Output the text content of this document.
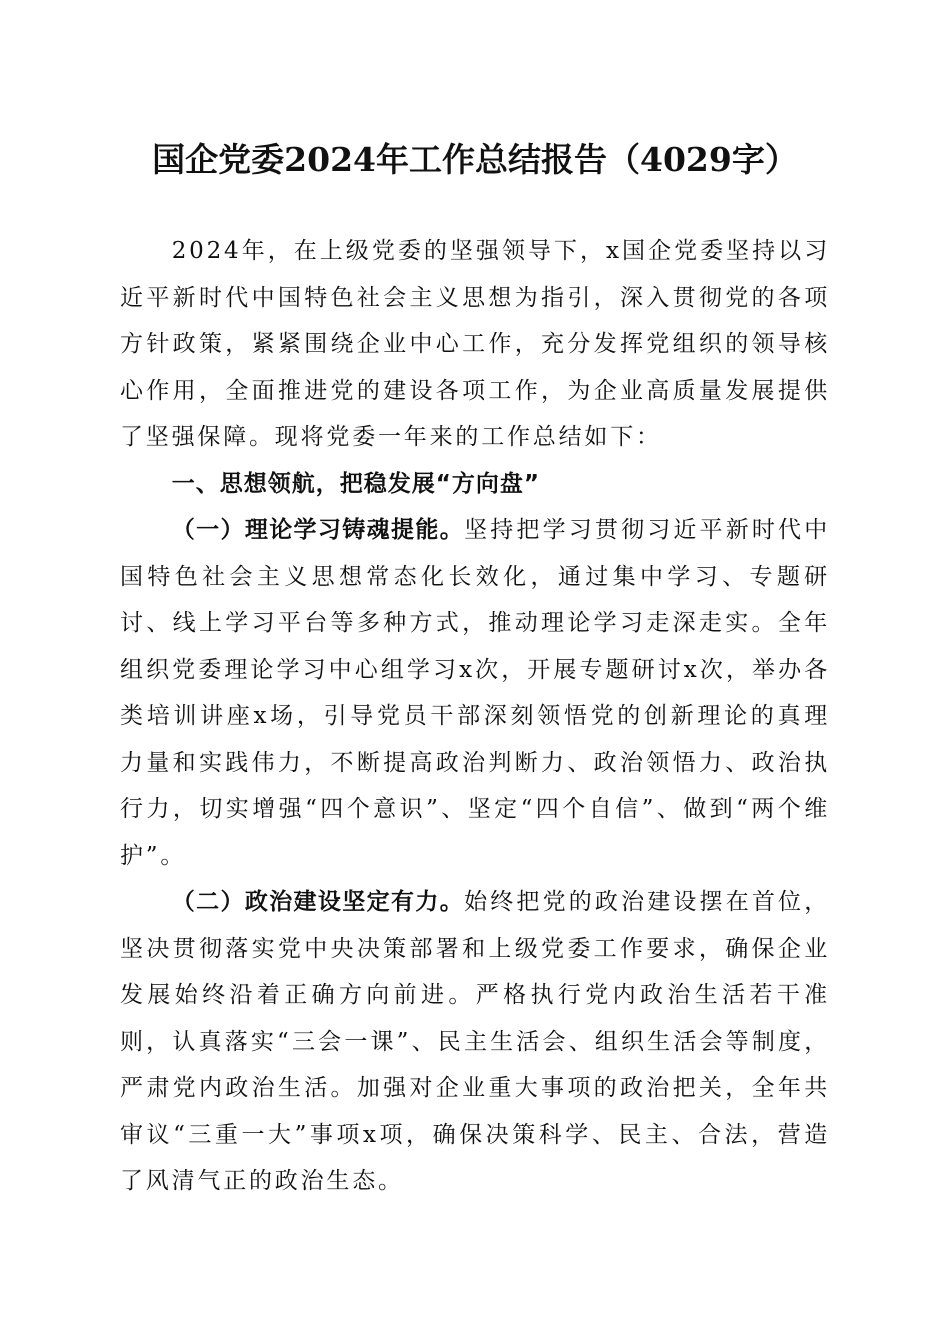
国企党委2024年工作总结报告（4029字）

2024年，在上级党委的坚强领导下，x国企党委坚持以习近平新时代中国特色社会主义思想为指引，深入贯彻党的各项方针政策，紧紧围绕企业中心工作，充分发挥党组织的领导核心作用，全面推进党的建设各项工作，为企业高质量发展提供了坚强保障。现将党委一年来的工作总结如下：

一、思想领航，把稳发展“方向盘”

（一）理论学习铸魂提能。坚持把学习贯彻习近平新时代中国特色社会主义思想常态化长效化，通过集中学习、专题研讨、线上学习平台等多种方式，推动理论学习走深走实。全年组织党委理论学习中心组学习x次，开展专题研讨x次，举办各类培训讲座x场，引导党员干部深刻领悟党的创新理论的真理力量和实践伟力，不断提高政治判断力、政治领悟力、政治执行力，切实增强“四个意识”、坚定“四个自信”、做到“两个维护”。

（二）政治建设坚定有力。始终把党的政治建设摆在首位，坚决贯彻落实党中央决策部署和上级党委工作要求，确保企业发展始终沿着正确方向前进。严格执行党内政治生活若干准则，认真落实“三会一课”、民主生活会、组织生活会等制度，严肃党内政治生活。加强对企业重大事项的政治把关，全年共审议“三重一大”事项x项，确保决策科学、民主、合法，营造了风清气正的政治生态。
